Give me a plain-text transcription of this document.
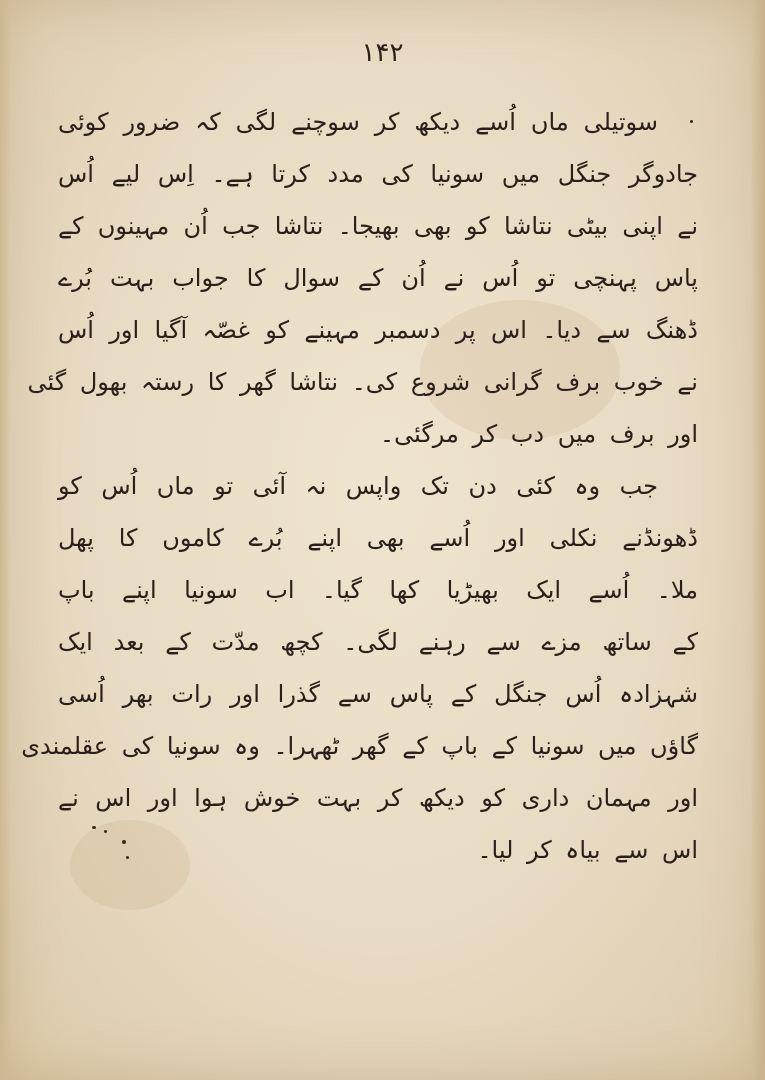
۱۴۲
سوتیلی ماں اُسے دیکھ کر سوچنے لگی کہ ضرور کوئی
جادوگر جنگل میں سونیا کی مدد کرتا ہے۔ اِس لیے اُس
نے اپنی بیٹی نتاشا کو بھی بھیجا۔ نتاشا جب اُن مہینوں کے
پاس پہنچی تو اُس نے اُن کے سوال کا جواب بہت بُرے
ڈھنگ سے دیا۔ اس پر دسمبر مہینے کو غصّہ آگیا اور اُس
نے خوب برف گرانی شروع کی۔ نتاشا گھر کا رستہ بھول گئی
اور برف میں دب کر مرگئی۔
جب وہ کئی دن تک واپس نہ آئی تو ماں اُس کو
ڈھونڈنے نکلی اور اُسے بھی اپنے بُرے کاموں کا پھل
ملا۔ اُسے ایک بھیڑیا کھا گیا۔ اب سونیا اپنے باپ
کے ساتھ مزے سے رہنے لگی۔ کچھ مدّت کے بعد ایک
شہزادہ اُس جنگل کے پاس سے گذرا اور رات بھر اُسی
گاؤں میں سونیا کے باپ کے گھر ٹھہرا۔ وہ سونیا کی عقلمندی
اور مہمان داری کو دیکھ کر بہت خوش ہوا اور اس نے
اس سے بیاہ کر لیا۔
